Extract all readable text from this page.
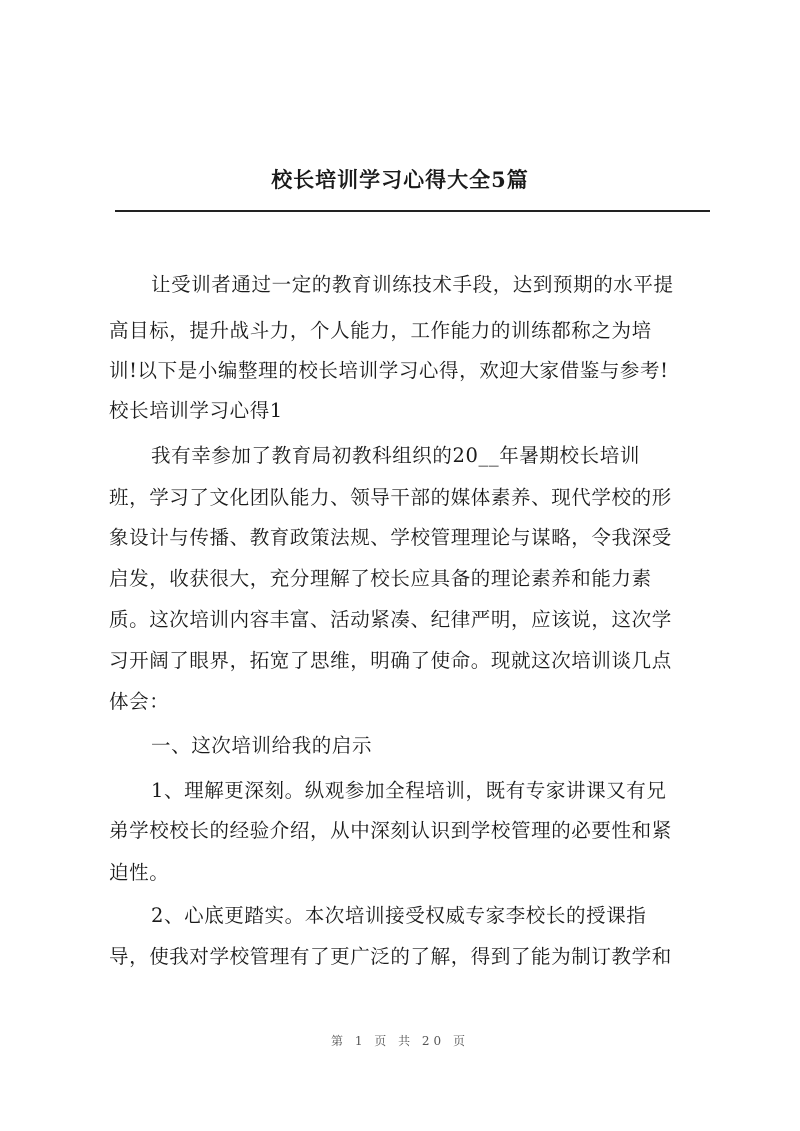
校长培训学习心得大全5篇
让受训者通过一定的教育训练技术手段，达到预期的水平提
高目标，提升战斗力，个人能力，工作能力的训练都称之为培
训!以下是小编整理的校长培训学习心得，欢迎大家借鉴与参考!
校长培训学习心得1
我有幸参加了教育局初教科组织的20__年暑期校长培训
班，学习了文化团队能力、领导干部的媒体素养、现代学校的形
象设计与传播、教育政策法规、学校管理理论与谋略，令我深受
启发，收获很大，充分理解了校长应具备的理论素养和能力素
质。这次培训内容丰富、活动紧凑、纪律严明，应该说，这次学
习开阔了眼界，拓宽了思维，明确了使命。现就这次培训谈几点
体会：
一、这次培训给我的启示
1、理解更深刻。纵观参加全程培训，既有专家讲课又有兄
弟学校校长的经验介绍，从中深刻认识到学校管理的必要性和紧
迫性。
2、心底更踏实。本次培训接受权威专家李校长的授课指
导，使我对学校管理有了更广泛的了解，得到了能为制订教学和
第 1 页 共 20 页
